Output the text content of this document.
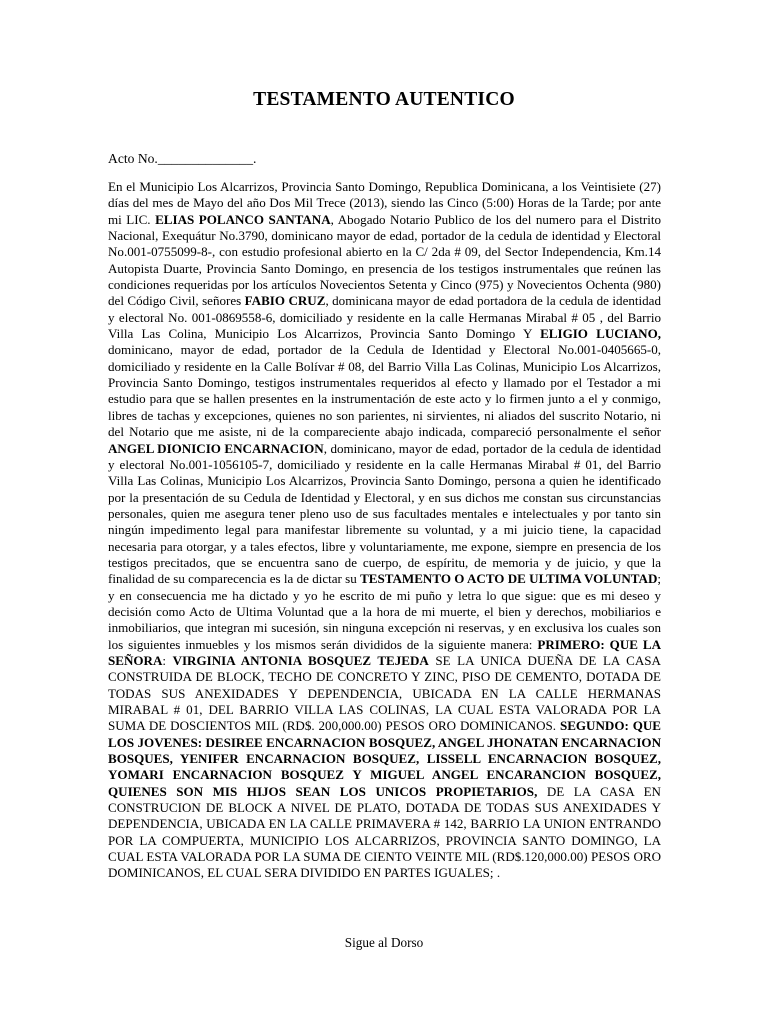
TESTAMENTO AUTENTICO
Acto No.______________.
En el Municipio Los Alcarrizos, Provincia Santo Domingo, Republica Dominicana, a los Veintisiete (27) días del mes de Mayo del año Dos Mil Trece (2013), siendo las Cinco (5:00) Horas de la Tarde; por ante mi LIC. ELIAS POLANCO SANTANA, Abogado Notario Publico de los del numero para el Distrito Nacional, Exequátur No.3790, dominicano mayor de edad, portador de la cedula de identidad y Electoral No.001-0755099-8-, con estudio profesional abierto en la C/ 2da # 09, del Sector Independencia, Km.14 Autopista Duarte, Provincia Santo Domingo, en presencia de los testigos instrumentales que reúnen las condiciones requeridas por los artículos Novecientos Setenta y Cinco (975) y Novecientos Ochenta (980) del Código Civil, señores FABIO CRUZ, dominicana mayor de edad portadora de la cedula de identidad y electoral No. 001-0869558-6, domiciliado y residente en la calle Hermanas Mirabal # 05 , del Barrio Villa Las Colina, Municipio Los Alcarrizos, Provincia Santo Domingo Y ELIGIO LUCIANO, dominicano, mayor de edad, portador de la Cedula de Identidad y Electoral No.001-0405665-0, domiciliado y residente en la Calle Bolívar # 08, del Barrio Villa Las Colinas, Municipio Los Alcarrizos, Provincia Santo Domingo, testigos instrumentales requeridos al efecto y llamado por el Testador a mi estudio para que se hallen presentes en la instrumentación de este acto y lo firmen junto a el y conmigo, libres de tachas y excepciones, quienes no son parientes, ni sirvientes, ni aliados del suscrito Notario, ni del Notario que me asiste, ni de la compareciente abajo indicada, compareció personalmente el señor ANGEL DIONICIO ENCARNACION, dominicano, mayor de edad, portador de la cedula de identidad y electoral No.001-1056105-7, domiciliado y residente en la calle Hermanas Mirabal # 01, del Barrio Villa Las Colinas, Municipio Los Alcarrizos, Provincia Santo Domingo, persona a quien he identificado por la presentación de su Cedula de Identidad y Electoral, y en sus dichos me constan sus circunstancias personales, quien me asegura tener pleno uso de sus facultades mentales e intelectuales y por tanto sin ningún impedimento legal para manifestar libremente su voluntad, y a mi juicio tiene, la capacidad necesaria para otorgar, y a tales efectos, libre y voluntariamente, me expone, siempre en presencia de los testigos precitados, que se encuentra sano de cuerpo, de espíritu, de memoria y de juicio, y que la finalidad de su comparecencia es la de dictar su TESTAMENTO O ACTO DE ULTIMA VOLUNTAD; y en consecuencia me ha dictado y yo he escrito de mi puño y letra lo que sigue: que es mi deseo y decisión como Acto de Ultima Voluntad que a la hora de mi muerte, el bien y derechos, mobiliarios e inmobiliarios, que integran mi sucesión, sin ninguna excepción ni reservas, y en exclusiva los cuales son los siguientes inmuebles y los mismos serán divididos de la siguiente manera: PRIMERO: QUE LA SEÑORA: VIRGINIA ANTONIA BOSQUEZ TEJEDA SE LA UNICA DUEÑA DE LA CASA CONSTRUIDA DE BLOCK, TECHO DE CONCRETO Y ZINC, PISO DE CEMENTO, DOTADA DE TODAS SUS ANEXIDADES Y DEPENDENCIA, UBICADA EN LA CALLE HERMANAS MIRABAL # 01, DEL BARRIO VILLA LAS COLINAS, LA CUAL ESTA VALORADA POR LA SUMA DE DOSCIENTOS MIL (RD$. 200,000.00) PESOS ORO DOMINICANOS. SEGUNDO: QUE LOS JOVENES: DESIREE ENCARNACION BOSQUEZ, ANGEL JHONATAN ENCARNACION BOSQUES, YENIFER ENCARNACION BOSQUEZ, LISSELL ENCARNACION BOSQUEZ, YOMARI ENCARNACION BOSQUEZ Y MIGUEL ANGEL ENCARANCION BOSQUEZ, QUIENES SON MIS HIJOS SEAN LOS UNICOS PROPIETARIOS, DE LA CASA EN CONSTRUCION DE BLOCK A NIVEL DE PLATO, DOTADA DE TODAS SUS ANEXIDADES Y DEPENDENCIA, UBICADA EN LA CALLE PRIMAVERA # 142, BARRIO LA UNION ENTRANDO POR LA COMPUERTA, MUNICIPIO LOS ALCARRIZOS, PROVINCIA SANTO DOMINGO, LA CUAL ESTA VALORADA POR LA SUMA DE CIENTO VEINTE MIL (RD$.120,000.00) PESOS ORO DOMINICANOS, EL CUAL SERA DIVIDIDO EN PARTES IGUALES; .
Sigue al Dorso
